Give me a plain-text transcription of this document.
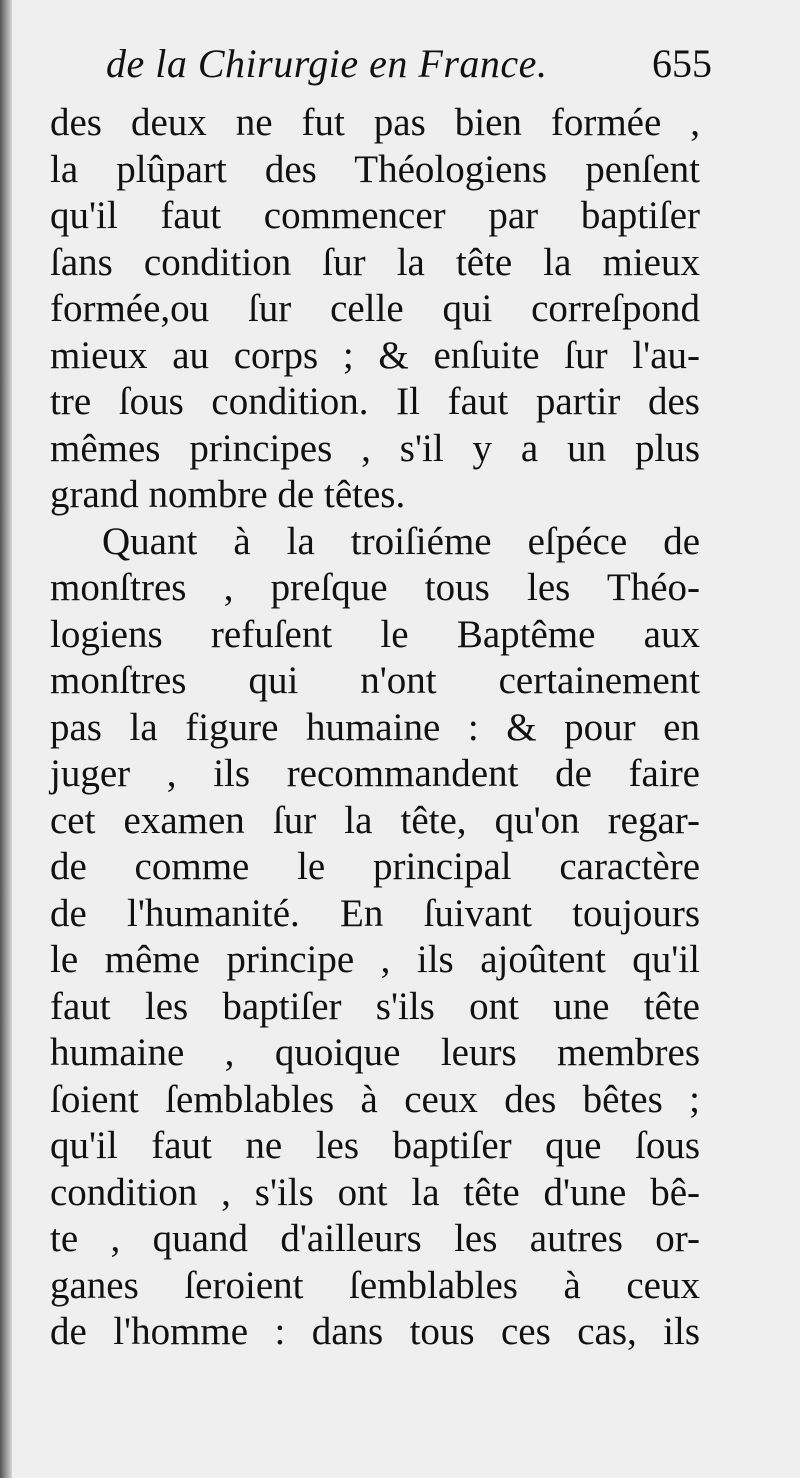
de la Chirurgie en France.	655
des deux ne fut pas bien formée ,
la plûpart des Théologiens penſent
qu'il faut commencer par baptiſer
ſans condition ſur la tête la mieux
formée,ou ſur celle qui correſpond
mieux au corps ; & enſuite ſur l'au-
tre ſous condition. Il faut partir des
mêmes principes , s'il y a un plus
grand nombre de têtes.
Quant à la troiſiéme eſpéce de
monſtres , preſque tous les Théo-
logiens refuſent le Baptême aux
monſtres qui n'ont certainement
pas la figure humaine : & pour en
juger , ils recommandent de faire
cet examen ſur la tête, qu'on regar-
de comme le principal caractère
de l'humanité. En ſuivant toujours
le même principe , ils ajoûtent qu'il
faut les baptiſer s'ils ont une tête
humaine , quoique leurs membres
ſoient ſemblables à ceux des bêtes ;
qu'il faut ne les baptiſer que ſous
condition , s'ils ont la tête d'une bê-
te , quand d'ailleurs les autres or-
ganes ſeroient ſemblables à ceux
de l'homme : dans tous ces cas, ils
